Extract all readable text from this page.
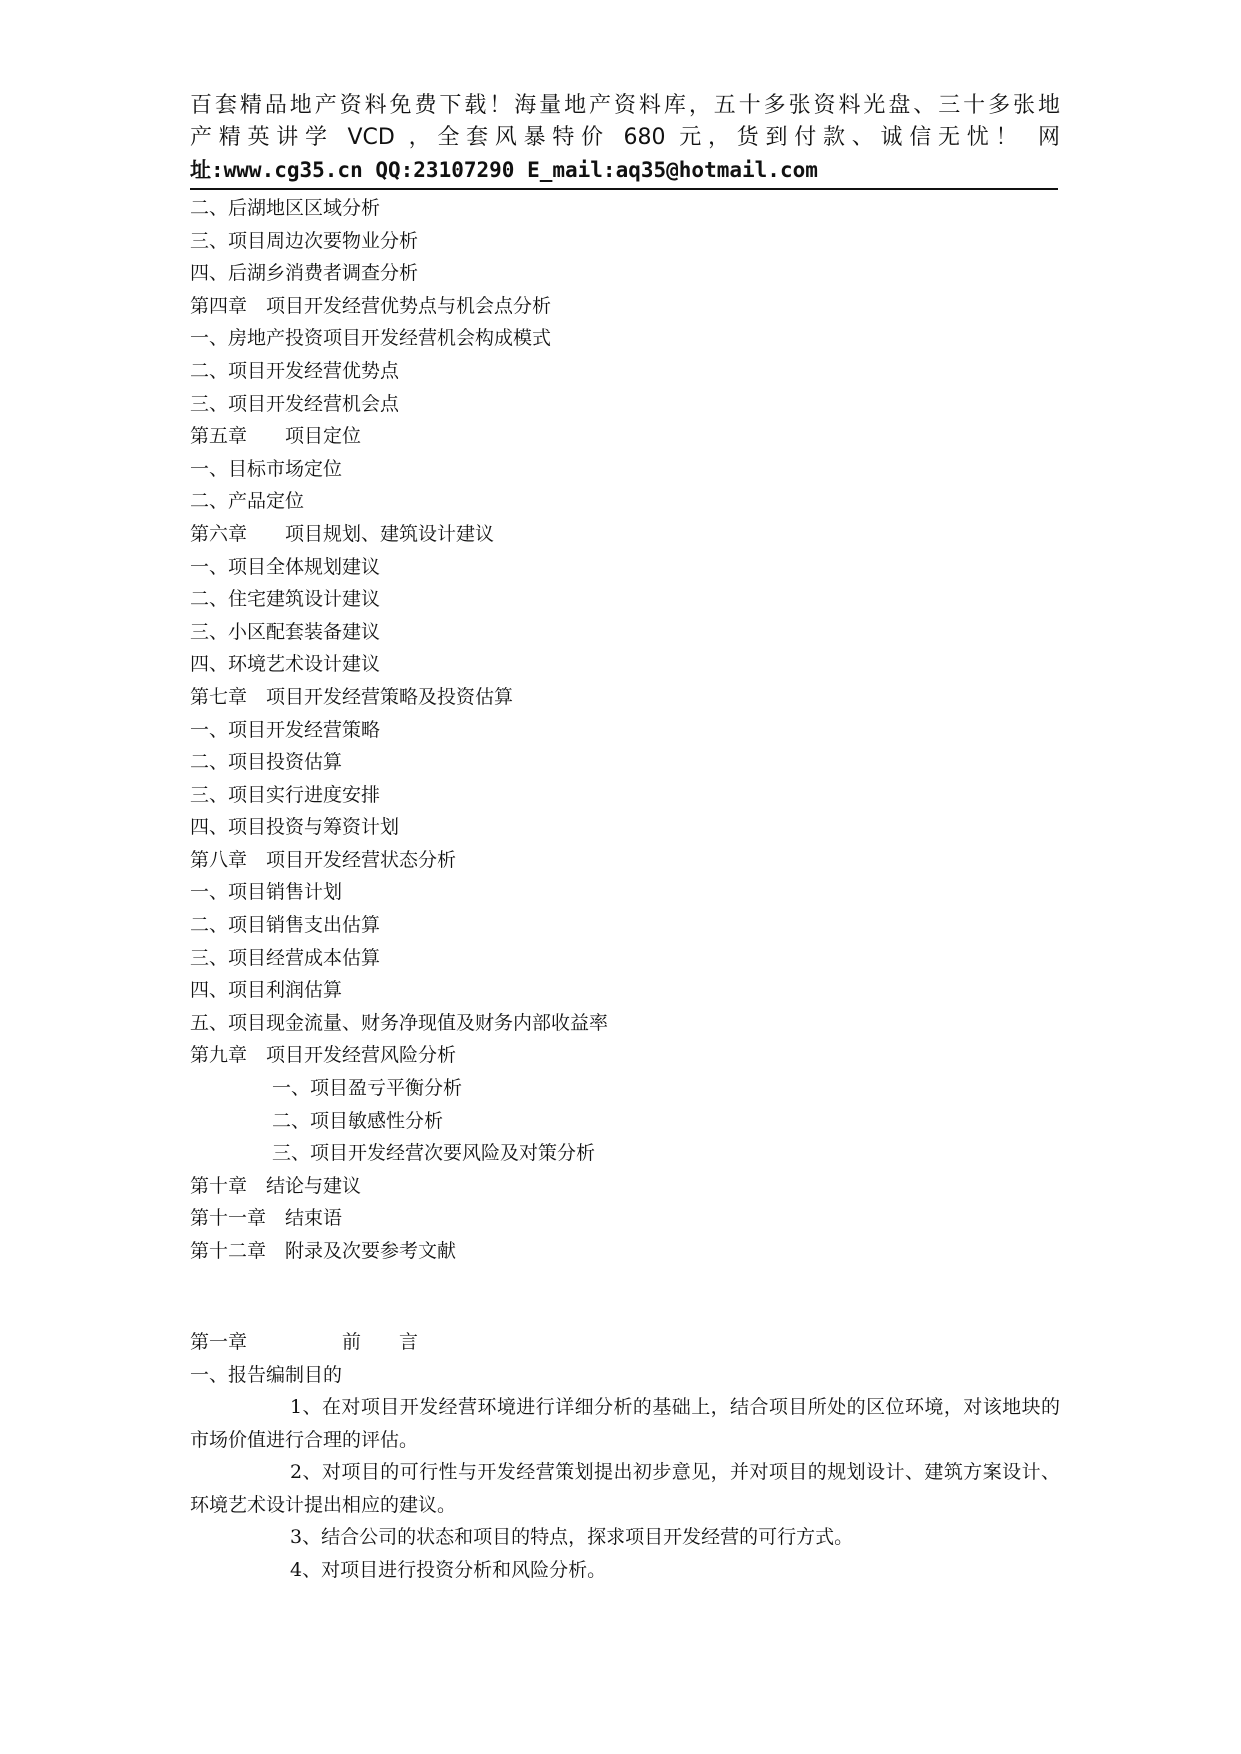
百套精品地产资料免费下载！海量地产资料库，五十多张资料光盘、三十多张地
产精英讲学 VCD ，全套风暴特价 680 元，货到付款、诚信无忧！ 网
址:www.cg35.cn QQ:23107290 E_mail:aq35@hotmail.com
二、后湖地区区域分析
三、项目周边次要物业分析
四、后湖乡消费者调查分析
第四章　项目开发经营优势点与机会点分析
一、房地产投资项目开发经营机会构成模式
二、项目开发经营优势点
三、项目开发经营机会点
第五章　　项目定位
一、目标市场定位
二、产品定位
第六章　　项目规划、建筑设计建议
一、项目全体规划建议
二、住宅建筑设计建议
三、小区配套装备建议
四、环境艺术设计建议
第七章　项目开发经营策略及投资估算
一、项目开发经营策略
二、项目投资估算
三、项目实行进度安排
四、项目投资与筹资计划
第八章　项目开发经营状态分析
一、项目销售计划
二、项目销售支出估算
三、项目经营成本估算
四、项目利润估算
五、项目现金流量、财务净现值及财务内部收益率
第九章　项目开发经营风险分析
一、项目盈亏平衡分析
二、项目敏感性分析
三、项目开发经营次要风险及对策分析
第十章　结论与建议
第十一章　结束语
第十二章　附录及次要参考文献
第一章　　　　　前　　言
一、报告编制目的

1、在对项目开发经营环境进行详细分析的基础上，结合项目所处的区位环境，对该地块的市场价值进行合理的评估。

2、对项目的可行性与开发经营策划提出初步意见，并对项目的规划设计、建筑方案设计、环境艺术设计提出相应的建议。

3、结合公司的状态和项目的特点，探求项目开发经营的可行方式。

4、对项目进行投资分析和风险分析。
